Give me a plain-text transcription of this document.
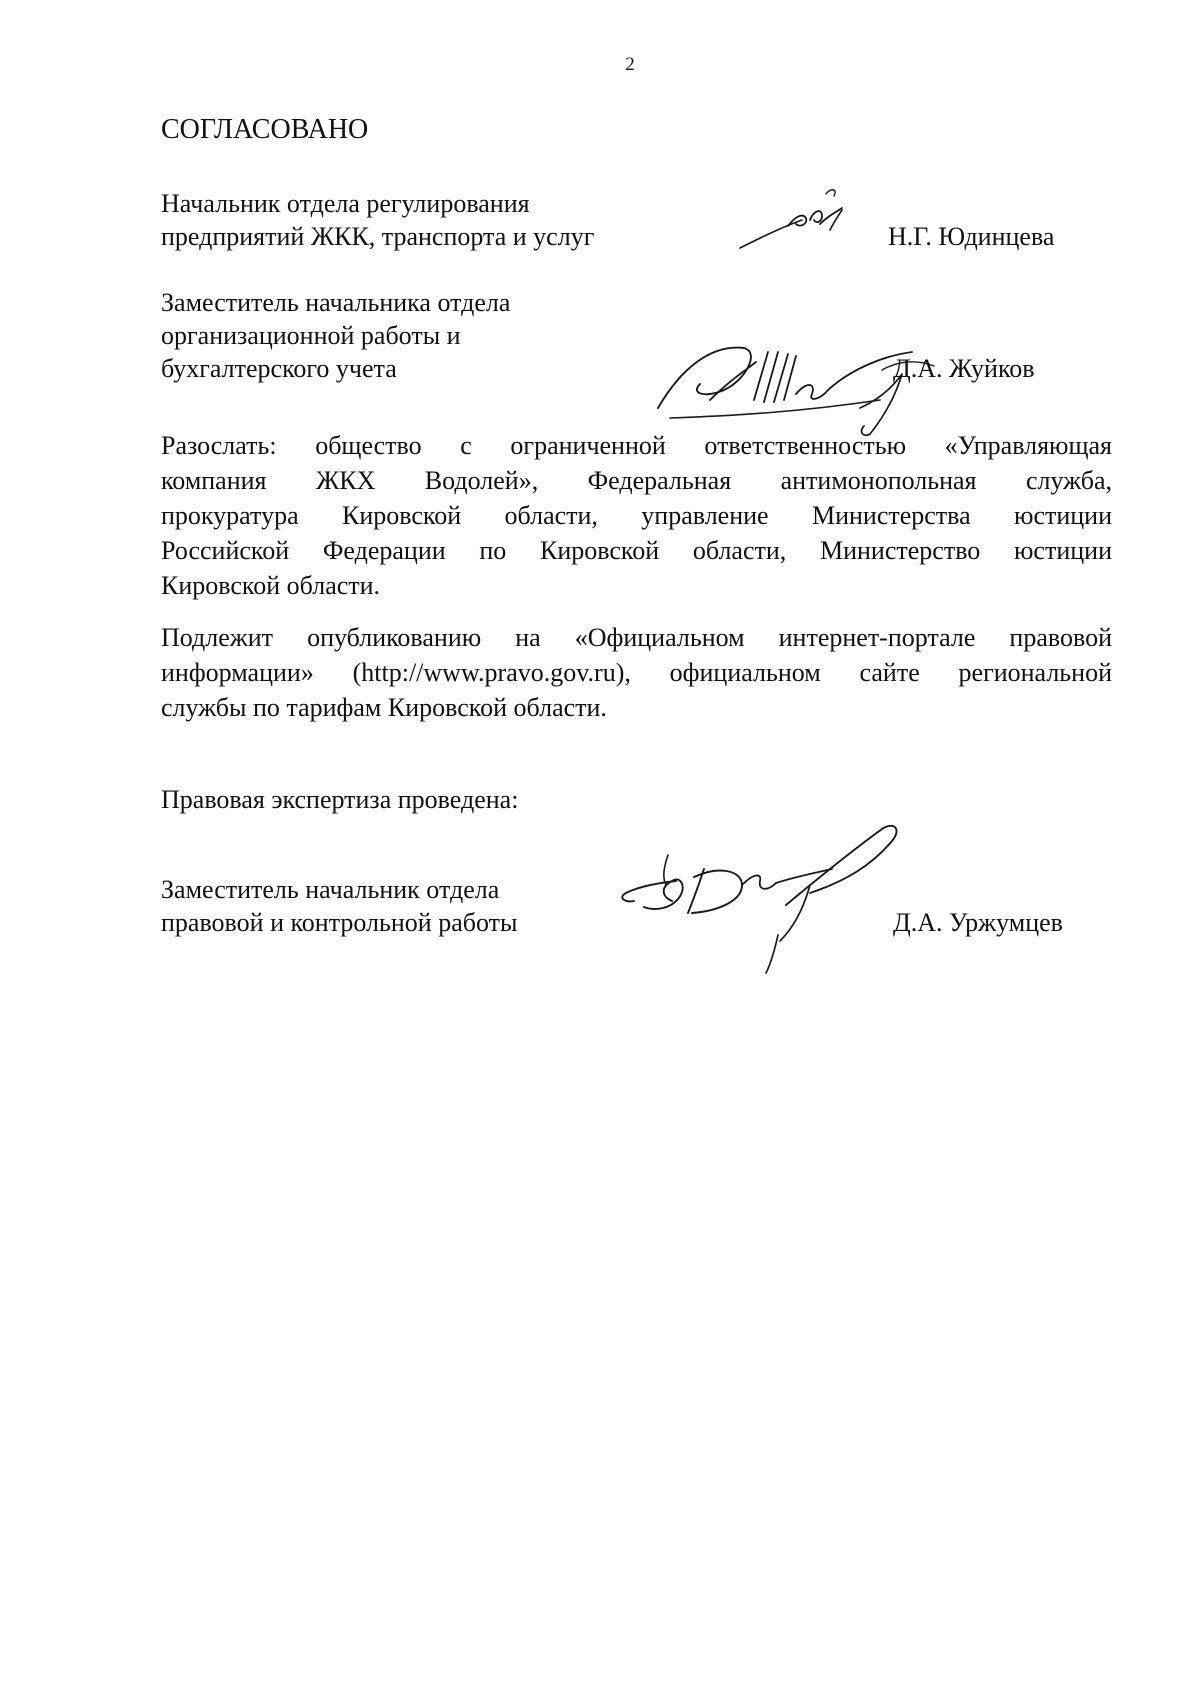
2
СОГЛАСОВАНО
Начальник отдела регулирования
предприятий ЖКК, транспорта и услуг	Н.Г. Юдинцева
Заместитель начальника отдела
организационной работы и
бухгалтерского учета	Д.А. Жуйков
Разослать: общество с ограниченной ответственностью «Управляющая
компания ЖКХ Водолей», Федеральная антимонопольная служба,
прокуратура Кировской области, управление Министерства юстиции
Российской Федерации по Кировской области, Министерство юстиции
Кировской области.
Подлежит опубликованию на «Официальном интернет-портале правовой
информации» (http://www.pravo.gov.ru), официальном сайте региональной
службы по тарифам Кировской области.
Правовая экспертиза проведена:
Заместитель начальник отдела
правовой и контрольной работы	Д.А. Уржумцев
